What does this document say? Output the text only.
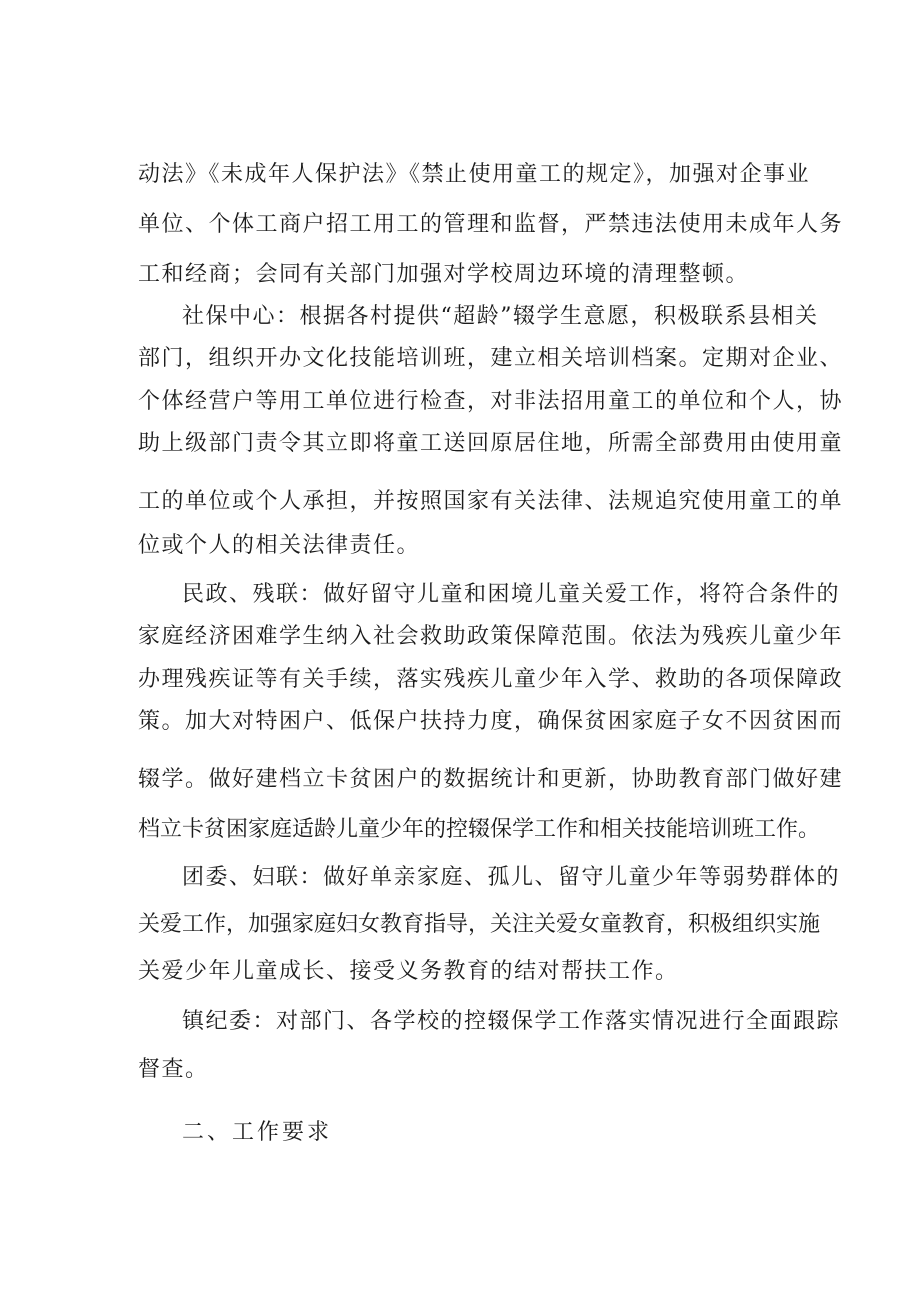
动法》《未成年人保护法》《禁止使用童工的规定》，加强对企事业
单位、个体工商户招工用工的管理和监督，严禁违法使用未成年人务
工和经商；会同有关部门加强对学校周边环境的清理整顿。
社保中心：根据各村提供“超龄”辍学生意愿，积极联系县相关
部门，组织开办文化技能培训班，建立相关培训档案。定期对企业、
个体经营户等用工单位进行检查，对非法招用童工的单位和个人，协
助上级部门责令其立即将童工送回原居住地，所需全部费用由使用童
工的单位或个人承担，并按照国家有关法律、法规追究使用童工的单
位或个人的相关法律责任。
民政、残联：做好留守儿童和困境儿童关爱工作，将符合条件的
家庭经济困难学生纳入社会救助政策保障范围。依法为残疾儿童少年
办理残疾证等有关手续，落实残疾儿童少年入学、救助的各项保障政
策。加大对特困户、低保户扶持力度，确保贫困家庭子女不因贫困而
辍学。做好建档立卡贫困户的数据统计和更新，协助教育部门做好建
档立卡贫困家庭适龄儿童少年的控辍保学工作和相关技能培训班工作。
团委、妇联：做好单亲家庭、孤儿、留守儿童少年等弱势群体的
关爱工作，加强家庭妇女教育指导，关注关爱女童教育，积极组织实施
关爱少年儿童成长、接受义务教育的结对帮扶工作。
镇纪委：对部门、各学校的控辍保学工作落实情况进行全面跟踪
督查。
二、工作要求
